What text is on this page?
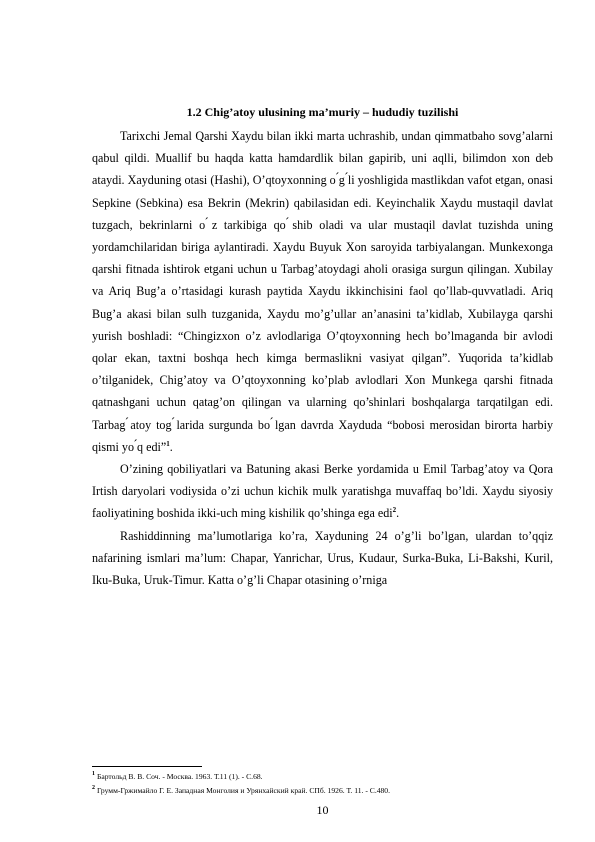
1.2 Chig’atoy ulusining ma’muriy – hududiy tuzilishi

Tarixchi Jemal Qarshi Xaydu bilan ikki marta uchrashib, undan qimmatbaho sovg’alarni qabul qildi. Muallif bu haqda katta hamdardlik bilan gapirib, uni aqlli, bilimdon xon deb ataydi. Xayduning otasi (Hashi), O’qtoyxonning o ́g ́li yoshligida mastlikdan vafot etgan, onasi Sepkine (Sebkina) esa Bekrin (Mekrin) qabilasidan edi. Keyinchalik Xaydu mustaqil davlat tuzgach, bekrinlarni o ́z tarkibiga qo ́shib oladi va ular mustaqil davlat tuzishda uning yordamchilaridan biriga aylantiradi. Xaydu Buyuk Xon saroyida tarbiyalangan. Munkexonga qarshi fitnada ishtirok etgani uchun u Tarbag’atoydagi aholi orasiga surgun qilingan. Xubilay va Ariq Bug’a o’rtasidagi kurash paytida Xaydu ikkinchisini faol qo’llab-quvvatladi. Ariq Bug’a akasi bilan sulh tuzganida, Xaydu mo’g’ullar an’anasini ta’kidlab, Xubilayga qarshi yurish boshladi: “Chingizxon o’z avlodlariga O’qtoyxonning hech bo’lmaganda bir avlodi qolar ekan, taxtni boshqa hech kimga bermaslikni vasiyat qilgan”. Yuqorida ta’kidlab o’tilganidek, Chig’atoy va O’qtoyxonning ko’plab avlodlari Xon Munkega qarshi fitnada qatnashgani uchun qatag’on qilingan va ularning qo’shinlari boshqalarga tarqatilgan edi. Tarbag ́atoy tog ́larida surgunda bo ́lgan davrda Xayduda “bobosi merosidan birorta harbiy qismi yo ́q edi”$^1$.

O’zining qobiliyatlari va Batuning akasi Berke yordamida u Emil Tarbag’atoy va Qora Irtish daryolari vodiysida o’zi uchun kichik mulk yaratishga muvaffaq bo’ldi. Xaydu siyosiy faoliyatining boshida ikki-uch ming kishilik qo’shinga ega edi$^2$.

Rashiddinning ma’lumotlariga ko’ra, Xayduning 24 o’g’li bo’lgan, ulardan to’qqiz nafarining ismlari ma’lum: Chapar, Yanrichar, Urus, Kudaur, Surka-Buka, Li-Bakshi, Kuril, Iku-Buka, Uruk-Timur. Katta o’g’li Chapar otasining o’rniga

$^1$ Бартольд В. В. Соч. - Москва. 1963. Т.11 (1). - С.68.
$^2$ Грумм-Гржимайло Г. Е. Западная Монголия и Урянхайский край. СПб. 1926. Т. 11. - С.480.
10
